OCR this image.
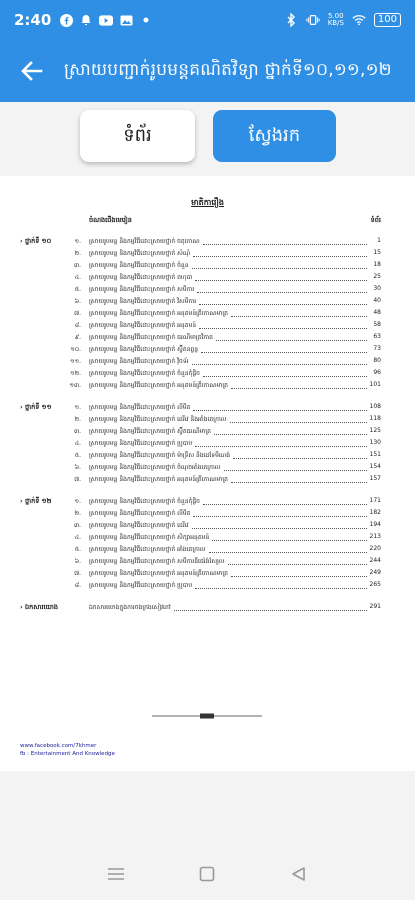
2:40	5.00
KB/S	100
ស្រាយបញ្ជាក់រូបមន្តគណិតវិទ្យា ថ្នាក់ទី១០,១១,១២
ទំព័រ	ស្វែងរក
មាតិការឿង
ចំណងជើងមេរៀន	ទំព័រ
› ថ្នាក់ទី ១០	១. ស្រាយរូបមន្ត និងកម្មវិធីដោះស្រាយថ្នាក់ ចតុកោណ	1
២. ស្រាយរូបមន្ត និងកម្មវិធីដោះស្រាយថ្នាក់ សំណុំ	15
៣. ស្រាយរូបមន្ត និងកម្មវិធីដោះស្រាយថ្នាក់ ចំនួន	18
៤. ស្រាយរូបមន្ត និងកម្មវិធីដោះស្រាយថ្នាក់ ពហុធា	25
៥. ស្រាយរូបមន្ត និងកម្មវិធីដោះស្រាយថ្នាក់ សមីការ	30
៦. ស្រាយរូបមន្ត និងកម្មវិធីដោះស្រាយថ្នាក់ វិសមីការ	40
៧. ស្រាយរូបមន្ត និងកម្មវិធីដោះស្រាយថ្នាក់ អនុគមន៍ត្រីកោណមាត្រ	48
៨. ស្រាយរូបមន្ត និងកម្មវិធីដោះស្រាយថ្នាក់ អនុគមន៍	58
៩. ស្រាយរូបមន្ត និងកម្មវិធីដោះស្រាយថ្នាក់ ធរណីមាត្រវិភាគ	63
១០. ស្រាយរូបមន្ត និងកម្មវិធីដោះស្រាយថ្នាក់ ស្វ៊ីតនព្វន្ត	73
១១. ស្រាយរូបមន្ត និងកម្មវិធីដោះស្រាយថ្នាក់ វ៉ិចទ័រ	80
១២. ស្រាយរូបមន្ត និងកម្មវិធីដោះស្រាយថ្នាក់ ចំនួនកុំផ្លិច	96
១៣. ស្រាយរូបមន្ត និងកម្មវិធីដោះស្រាយថ្នាក់ អនុគមន៍ត្រីកោណមាត្រ	101
› ថ្នាក់ទី ១១	១. ស្រាយរូបមន្ត និងកម្មវិធីដោះស្រាយថ្នាក់ លីមីត	108
២. ស្រាយរូបមន្ត និងកម្មវិធីដោះស្រាយថ្នាក់ ដេរីវេ និងអាំងតេក្រាល	118
៣. ស្រាយរូបមន្ត និងកម្មវិធីដោះស្រាយថ្នាក់ ស្វ៊ីតធរណីមាត្រ	125
៤. ស្រាយរូបមន្ត និងកម្មវិធីដោះស្រាយថ្នាក់ ប្រូបាប	130
៥. ស្រាយរូបមន្ត និងកម្មវិធីដោះស្រាយថ្នាក់ ម៉ាទ្រីស និងដេទែមីណង់	151
៦. ស្រាយរូបមន្ត និងកម្មវិធីដោះស្រាយថ្នាក់ ចំណុចអាំងតេក្រាល	154
៧. ស្រាយរូបមន្ត និងកម្មវិធីដោះស្រាយថ្នាក់ អនុគមន៍ត្រីកោណមាត្រ	157
› ថ្នាក់ទី ១២	១. ស្រាយរូបមន្ត និងកម្មវិធីដោះស្រាយថ្នាក់ ចំនួនកុំផ្លិច	171
២. ស្រាយរូបមន្ត និងកម្មវិធីដោះស្រាយថ្នាក់ លីមីត	182
៣. ស្រាយរូបមន្ត និងកម្មវិធីដោះស្រាយថ្នាក់ ដេរីវេ	194
៤. ស្រាយរូបមន្ត និងកម្មវិធីដោះស្រាយថ្នាក់ សិក្សាអនុគមន៍	213
៥. ស្រាយរូបមន្ត និងកម្មវិធីដោះស្រាយថ្នាក់ អាំងតេក្រាល	220
៦. ស្រាយរូបមន្ត និងកម្មវិធីដោះស្រាយថ្នាក់ សមីការឌីផេរ៉ង់ស្យែល	244
៧. ស្រាយរូបមន្ត និងកម្មវិធីដោះស្រាយថ្នាក់ អនុគមន៍ត្រីកោណមាត្រ	249
៨. ស្រាយរូបមន្ត និងកម្មវិធីដោះស្រាយថ្នាក់ ប្រូបាប	265
› ឯកសារយោង	ឯកសារយោងក្នុងការចងក្រងសៀវភៅ	291
www.facebook.com/7khmer
fb : Entertainment And Knowledge
